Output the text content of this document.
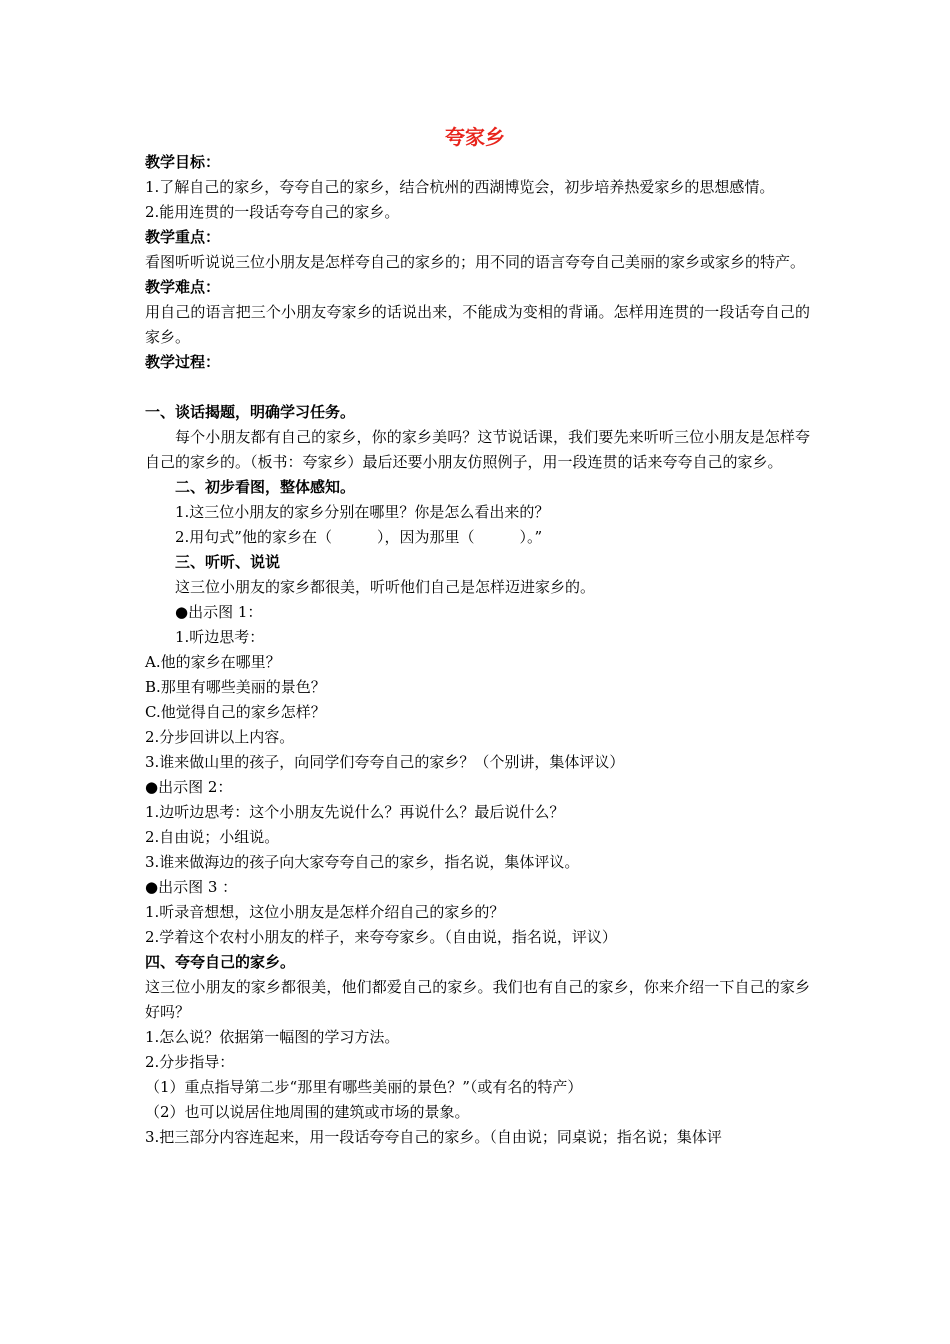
夸家乡

教学目标：

1.了解自己的家乡，夸夸自己的家乡，结合杭州的西湖博览会，初步培养热爱家乡的思想感情。

2.能用连贯的一段话夸夸自己的家乡。

教学重点：

看图听听说说三位小朋友是怎样夸自己的家乡的；用不同的语言夸夸自己美丽的家乡或家乡的特产。

教学难点：

用自己的语言把三个小朋友夸家乡的话说出来，不能成为变相的背诵。怎样用连贯的一段话夸自己的家乡。

教学过程：

一、谈话揭题，明确学习任务。

每个小朋友都有自己的家乡，你的家乡美吗？这节说话课，我们要先来听听三位小朋友是怎样夸自己的家乡的。（板书：夸家乡）最后还要小朋友仿照例子，用一段连贯的话来夸夸自己的家乡。

二、初步看图，整体感知。

1.这三位小朋友的家乡分别在哪里？你是怎么看出来的？

2.用句式”他的家乡在（　　　），因为那里（　　　）。”

三、听听、说说

这三位小朋友的家乡都很美，听听他们自己是怎样迈进家乡的。

●出示图 1：

1.听边思考：

A.他的家乡在哪里？

B.那里有哪些美丽的景色？

C.他觉得自己的家乡怎样？

2.分步回讲以上内容。

3.谁来做山里的孩子，向同学们夸夸自己的家乡？（个别讲，集体评议）

●出示图 2：

1.边听边思考：这个小朋友先说什么？再说什么？最后说什么？

2.自由说；小组说。

3.谁来做海边的孩子向大家夸夸自己的家乡，指名说，集体评议。

●出示图 3 ：

1.听录音想想，这位小朋友是怎样介绍自己的家乡的？

2.学着这个农村小朋友的样子，来夸夸家乡。（自由说，指名说，评议）

四、夸夸自己的家乡。

这三位小朋友的家乡都很美，他们都爱自己的家乡。我们也有自己的家乡，你来介绍一下自己的家乡好吗？

1.怎么说？依据第一幅图的学习方法。

2.分步指导：

（1）重点指导第二步“那里有哪些美丽的景色？”（或有名的特产）

（2）也可以说居住地周围的建筑或市场的景象。

3.把三部分内容连起来，用一段话夸夸自己的家乡。（自由说；同桌说；指名说；集体评
